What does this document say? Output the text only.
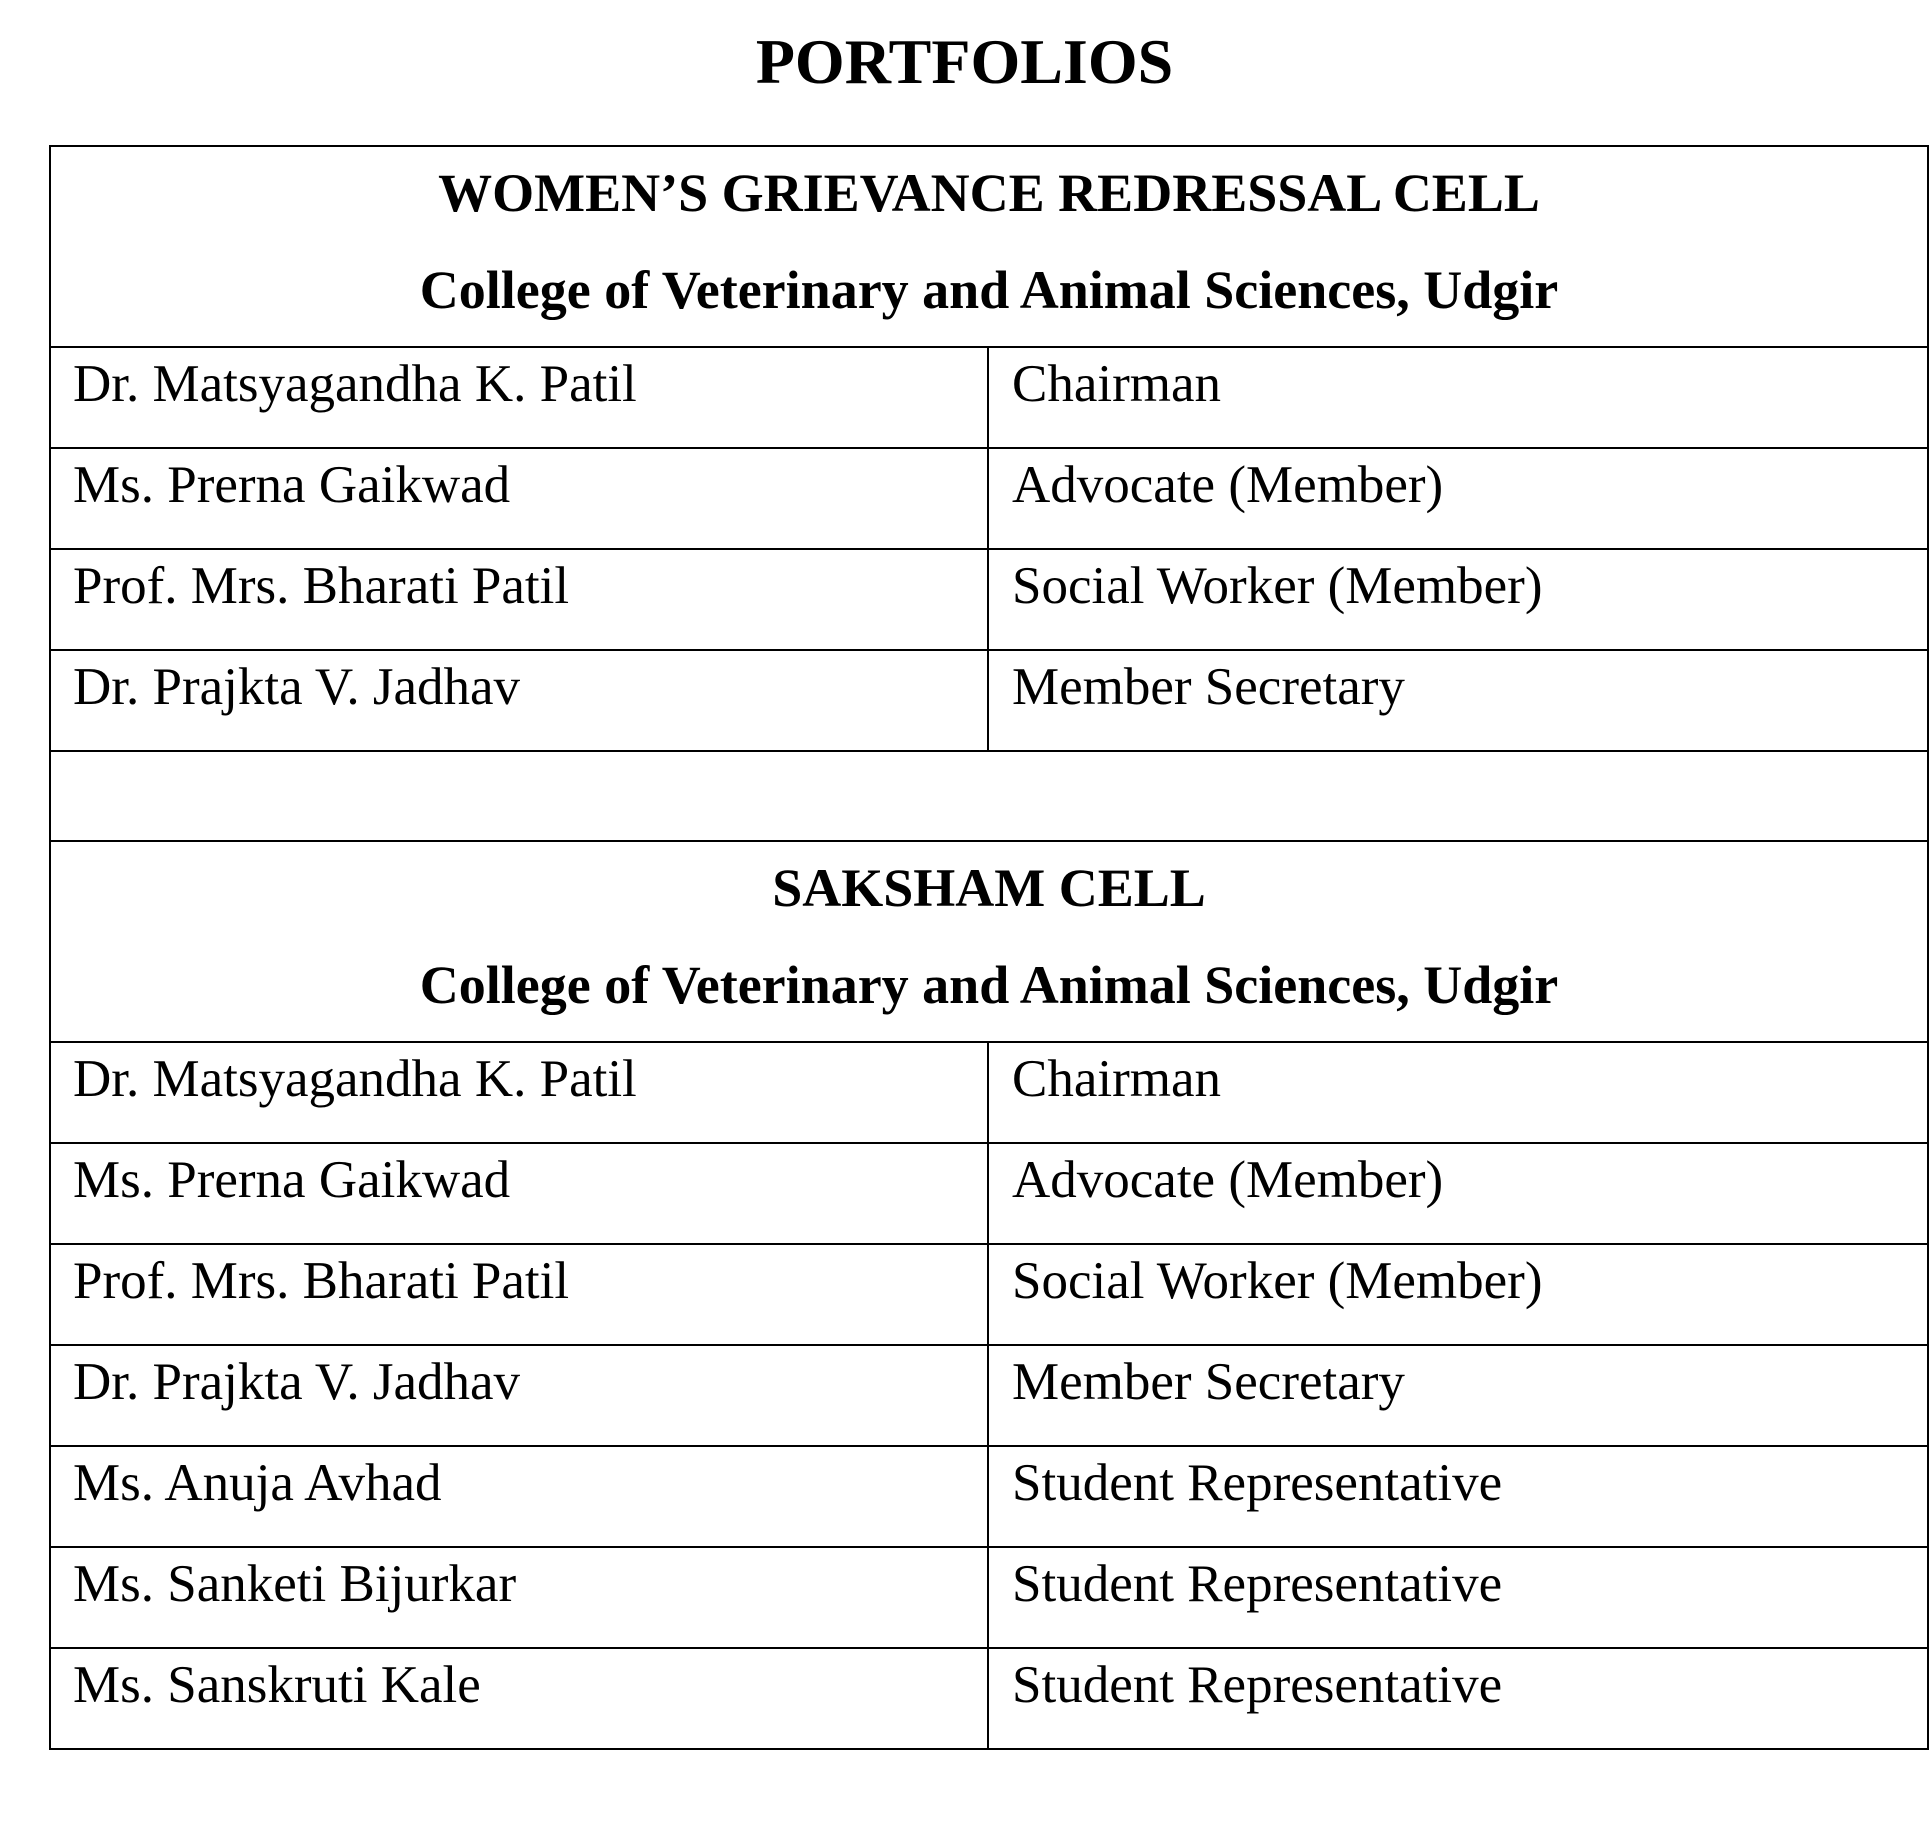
PORTFOLIOS
WOMEN’S GRIEVANCE REDRESSAL CELL
College of Veterinary and Animal Sciences, Udgir	

Dr. Matsyagandha K. Patil	Chairman

Ms. Prerna Gaikwad	Advocate (Member)

Prof. Mrs. Bharati Patil	Social Worker (Member)

Dr. Prajkta V. Jadhav	Member Secretary

SAKSHAM CELL
College of Veterinary and Animal Sciences, Udgir	

Dr. Matsyagandha K. Patil	Chairman

Ms. Prerna Gaikwad	Advocate (Member)

Prof. Mrs. Bharati Patil	Social Worker (Member)

Dr. Prajkta V. Jadhav	Member Secretary

Ms. Anuja Avhad	Student Representative

Ms. Sanketi Bijurkar	Student Representative

Ms. Sanskruti Kale	Student Representative
